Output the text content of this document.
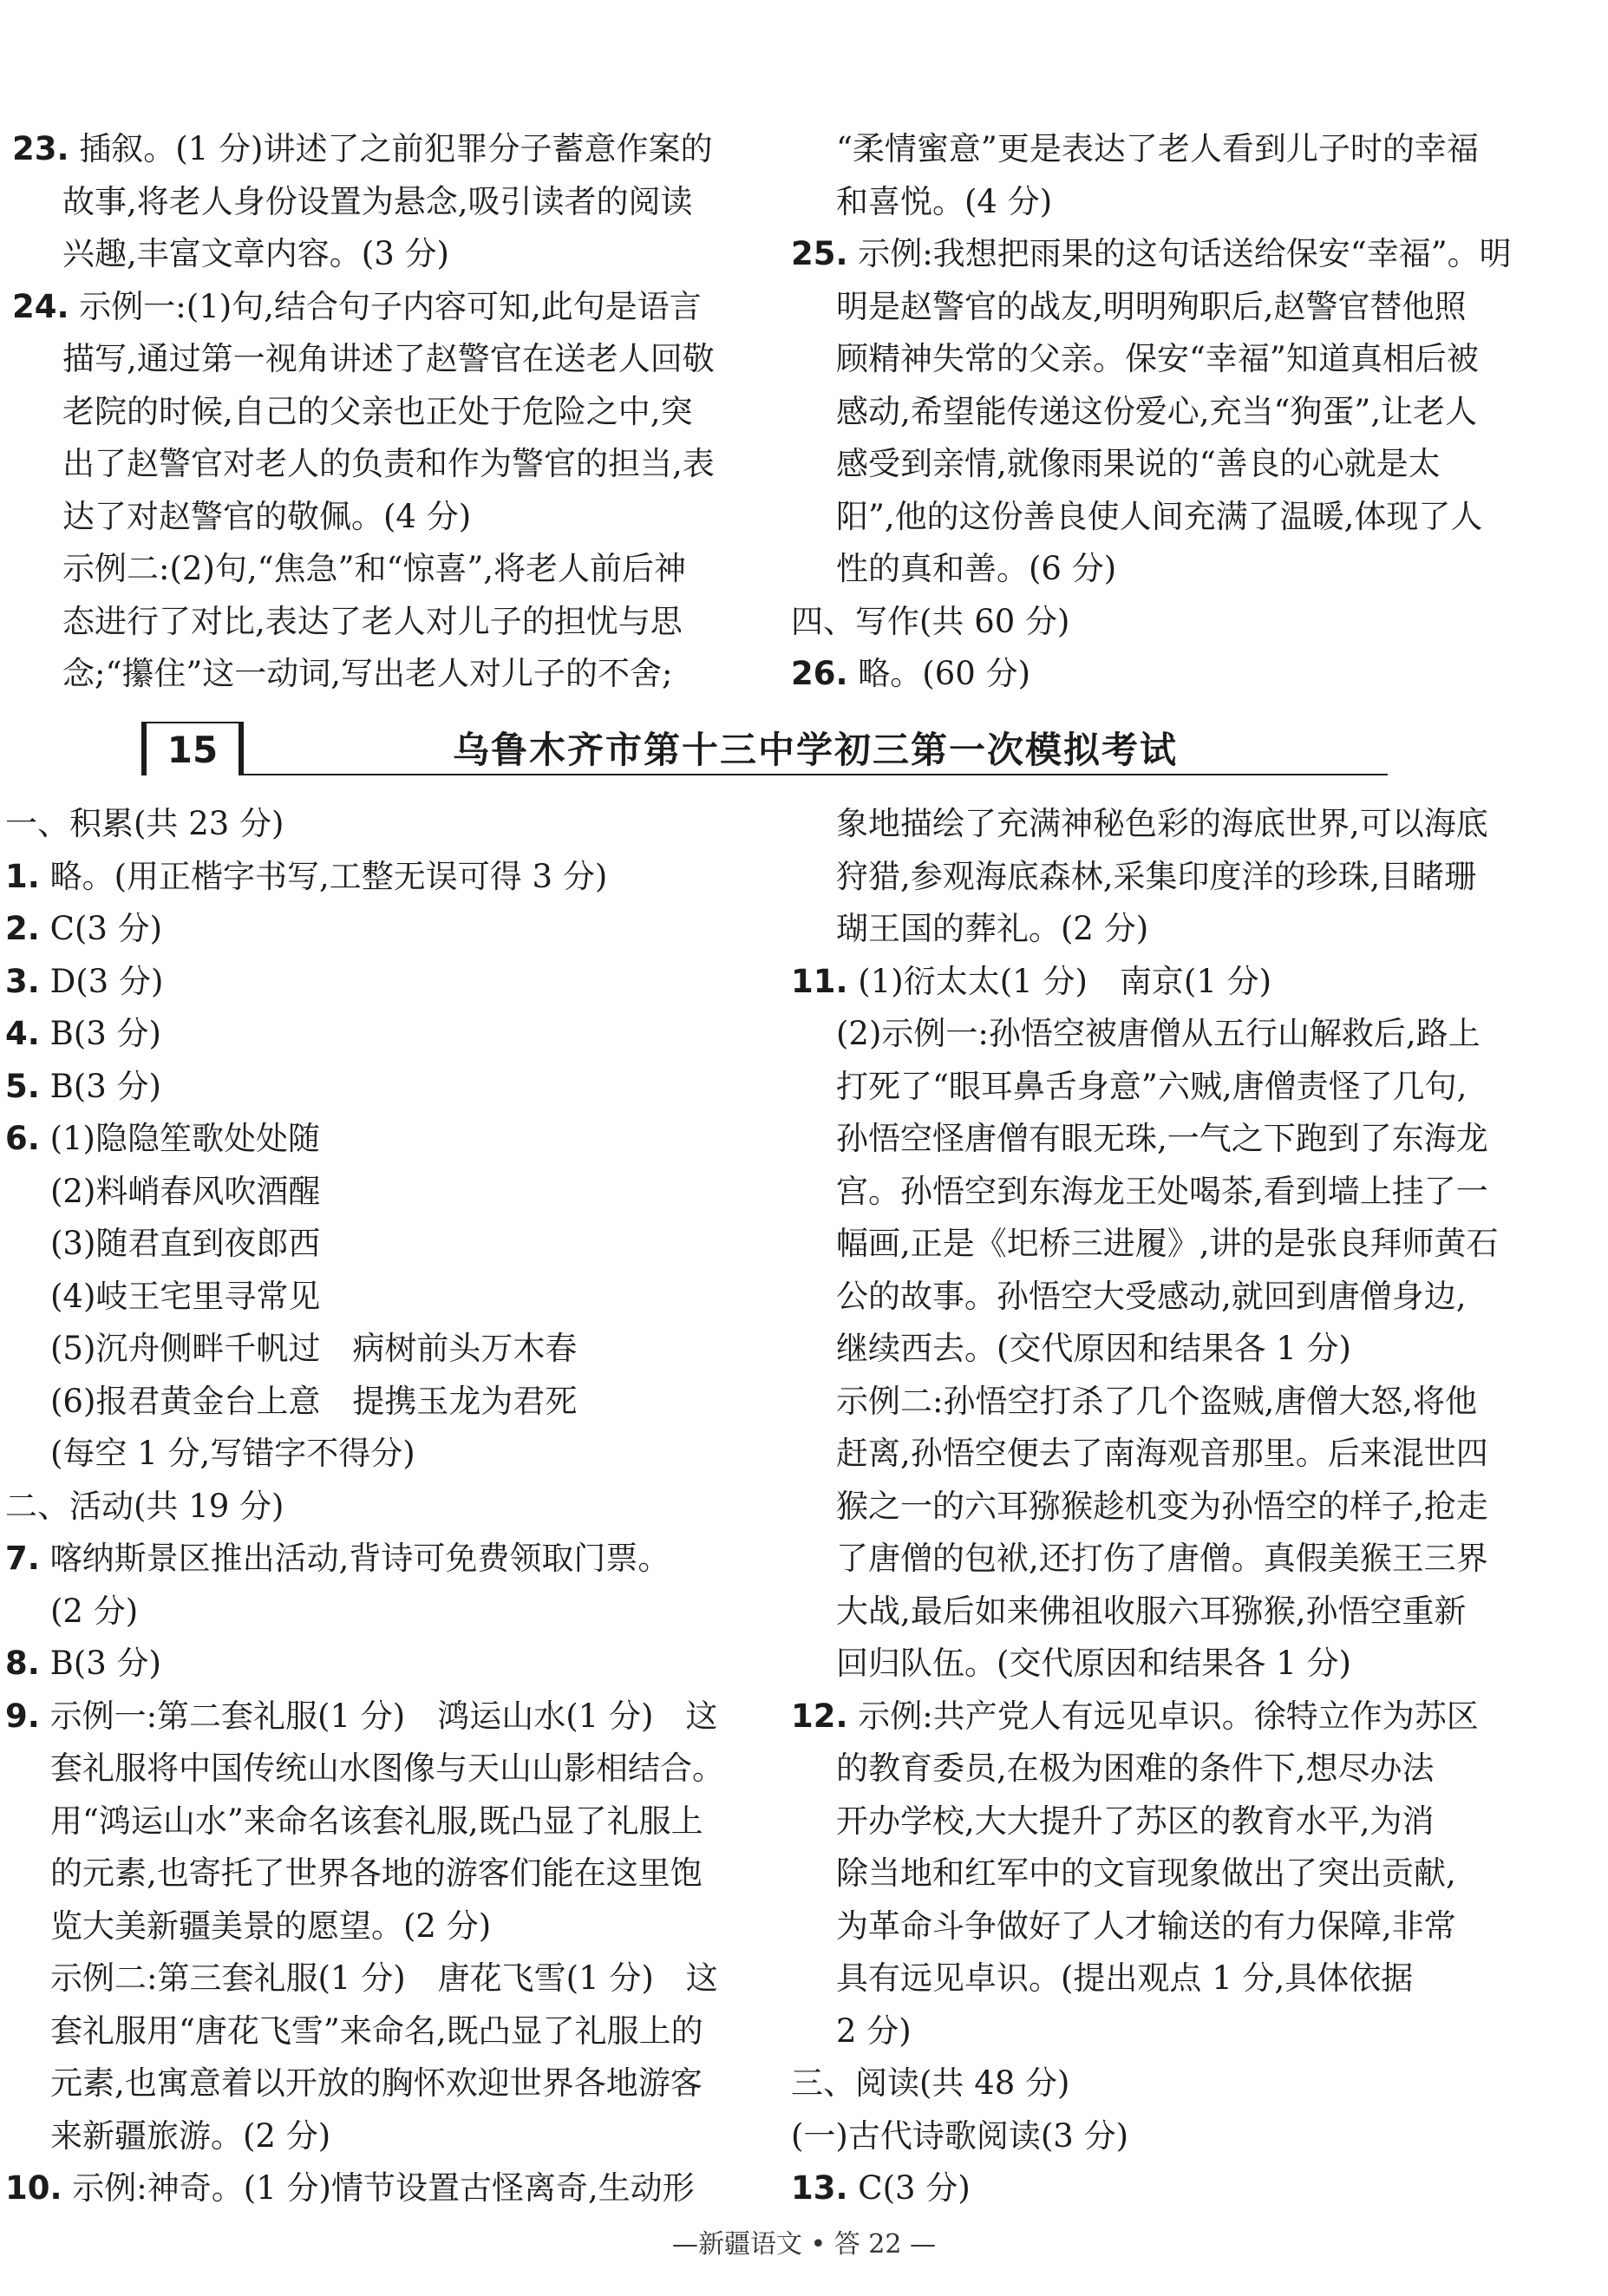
23. 插叙。(1 分)讲述了之前犯罪分子蓄意作案的

故事,将老人身份设置为悬念,吸引读者的阅读

兴趣,丰富文章内容。(3 分)

24. 示例一:(1)句,结合句子内容可知,此句是语言

描写,通过第一视角讲述了赵警官在送老人回敬

老院的时候,自己的父亲也正处于危险之中,突

出了赵警官对老人的负责和作为警官的担当,表

达了对赵警官的敬佩。(4 分)

示例二:(2)句,“焦急”和“惊喜”,将老人前后神

态进行了对比,表达了老人对儿子的担忧与思

念;“攥住”这一动词,写出老人对儿子的不舍;

“柔情蜜意”更是表达了老人看到儿子时的幸福

和喜悦。(4 分)

25. 示例:我想把雨果的这句话送给保安“幸福”。明

明是赵警官的战友,明明殉职后,赵警官替他照

顾精神失常的父亲。保安“幸福”知道真相后被

感动,希望能传递这份爱心,充当“狗蛋”,让老人

感受到亲情,就像雨果说的“善良的心就是太

阳”,他的这份善良使人间充满了温暖,体现了人

性的真和善。(6 分)

四、写作(共 60 分)

26. 略。(60 分)

15	乌鲁木齐市第十三中学初三第一次模拟考试

一、积累(共 23 分)

1. 略。(用正楷字书写,工整无误可得 3 分)

2. C(3 分)

3. D(3 分)

4. B(3 分)

5. B(3 分)

6. (1)隐隐笙歌处处随

(2)料峭春风吹酒醒

(3)随君直到夜郎西

(4)岐王宅里寻常见

(5)沉舟侧畔千帆过　病树前头万木春

(6)报君黄金台上意　提携玉龙为君死

(每空 1 分,写错字不得分)

二、活动(共 19 分)

7. 喀纳斯景区推出活动,背诗可免费领取门票。

(2 分)

8. B(3 分)

9. 示例一:第二套礼服(1 分)　鸿运山水(1 分)　这

套礼服将中国传统山水图像与天山山影相结合。

用“鸿运山水”来命名该套礼服,既凸显了礼服上

的元素,也寄托了世界各地的游客们能在这里饱

览大美新疆美景的愿望。(2 分)

示例二:第三套礼服(1 分)　唐花飞雪(1 分)　这

套礼服用“唐花飞雪”来命名,既凸显了礼服上的

元素,也寓意着以开放的胸怀欢迎世界各地游客

来新疆旅游。(2 分)

10. 示例:神奇。(1 分)情节设置古怪离奇,生动形

象地描绘了充满神秘色彩的海底世界,可以海底

狩猎,参观海底森林,采集印度洋的珍珠,目睹珊

瑚王国的葬礼。(2 分)

11. (1)衍太太(1 分)　南京(1 分)

(2)示例一:孙悟空被唐僧从五行山解救后,路上

打死了“眼耳鼻舌身意”六贼,唐僧责怪了几句,

孙悟空怪唐僧有眼无珠,一气之下跑到了东海龙

宫。孙悟空到东海龙王处喝茶,看到墙上挂了一

幅画,正是《圯桥三进履》,讲的是张良拜师黄石

公的故事。孙悟空大受感动,就回到唐僧身边,

继续西去。(交代原因和结果各 1 分)

示例二:孙悟空打杀了几个盗贼,唐僧大怒,将他

赶离,孙悟空便去了南海观音那里。后来混世四

猴之一的六耳猕猴趁机变为孙悟空的样子,抢走

了唐僧的包袱,还打伤了唐僧。真假美猴王三界

大战,最后如来佛祖收服六耳猕猴,孙悟空重新

回归队伍。(交代原因和结果各 1 分)

12. 示例:共产党人有远见卓识。徐特立作为苏区

的教育委员,在极为困难的条件下,想尽办法

开办学校,大大提升了苏区的教育水平,为消

除当地和红军中的文盲现象做出了突出贡献,

为革命斗争做好了人才输送的有力保障,非常

具有远见卓识。(提出观点 1 分,具体依据

2 分)

三、阅读(共 48 分)

(一)古代诗歌阅读(3 分)

13. C(3 分)

—新疆语文 • 答 22 —
